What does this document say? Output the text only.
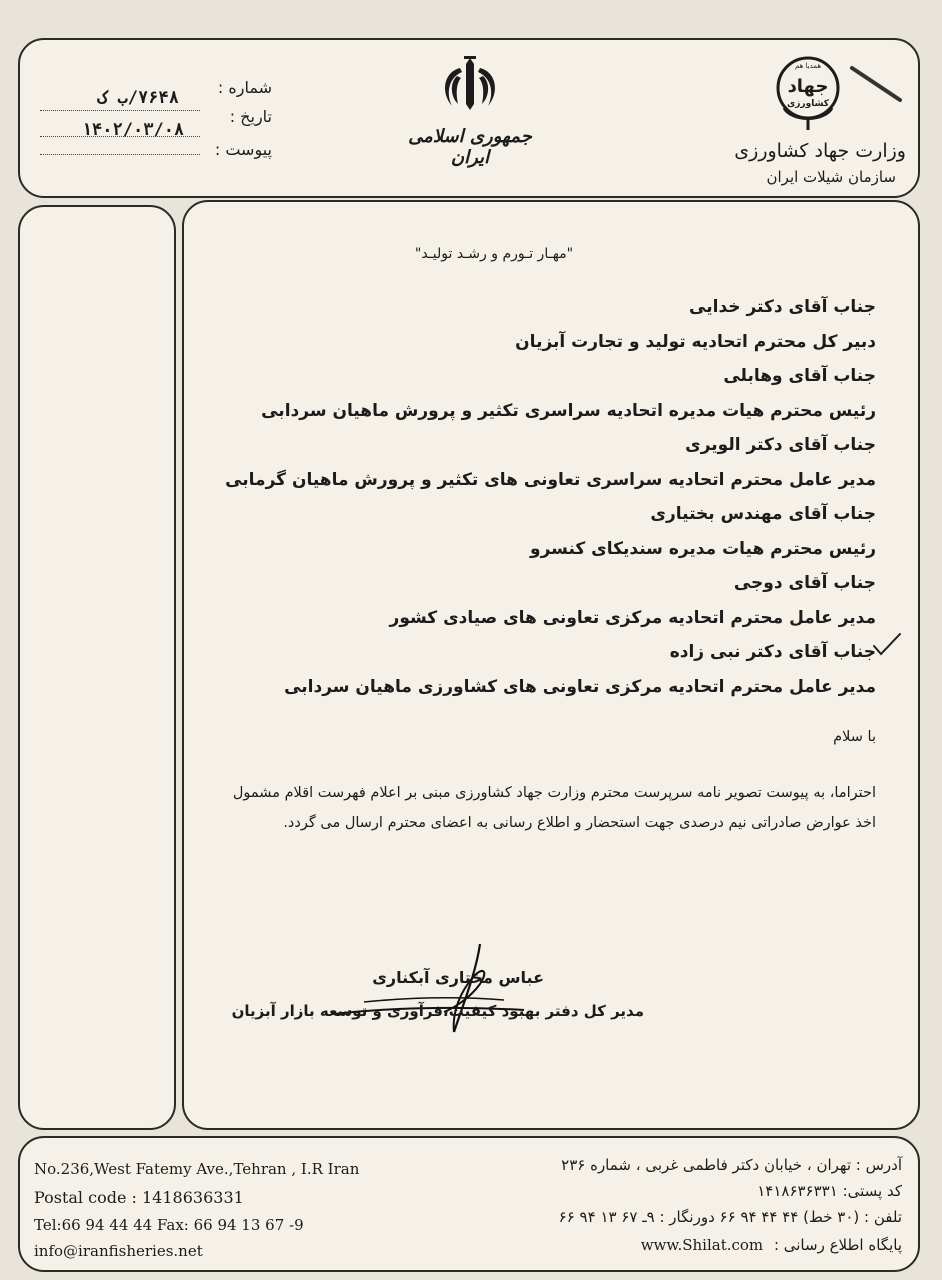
شماره :
۷۶۴۸/ب ک
تاریخ :
۱۴۰۲/۰۳/۰۸
پیوست :
جمهوری اسلامی ایران
همدیا هم
جهاد
کشاورزی
وزارت جهاد کشاورزی
سازمان شیلات ایران
"مهـار تـورم و رشـد تولیـد"
جناب آقای دکتر خدایی
دبیر کل محترم اتحادیه تولید و تجارت آبزیان
جناب آقای وهابلی
رئیس محترم هیات مدیره اتحادیه سراسری تکثیر و پرورش ماهیان سردابی
جناب آقای دکتر الویری
مدیر عامل محترم اتحادیه سراسری تعاونی های تکثیر و پرورش ماهیان گرمابی
جناب آقای مهندس بختیاری
رئیس محترم هیات مدیره سندیکای کنسرو
جناب آقای دوجی
مدیر عامل محترم اتحادیه مرکزی تعاونی های صیادی کشور
جناب آقای دکتر نبی زاده
مدیر عامل محترم اتحادیه مرکزی تعاونی های کشاورزی ماهیان سردابی
با سلام
احتراما، به پیوست تصویر نامه سرپرست محترم وزارت جهاد کشاورزی مبنی بر اعلام فهرست اقلام مشمول
اخذ عوارض صادراتی نیم درصدی جهت استحضار و اطلاع رسانی به اعضای محترم ارسال می گردد.
عباس مختاری آبکناری
مدیر کل دفتر بهبود کیفیت،فرآوری و توسعه بازار آبزیان
No.236,West Fatemy Ave.,Tehran , I.R Iran
Postal code : 1418636331
Tel:66 94 44 44 Fax: 66 94 13 67 -9
info@iranfisheries.net
آدرس : تهران ، خیابان دکتر فاطمی غربی ، شماره ۲۳۶
کد پستی: ۱۴۱۸۶۳۶۳۳۱
تلفن : (۳۰ خط) ۴۴ ۴۴ ۹۴ ۶۶ دورنگار : ۹ـ ۶۷ ۱۳ ۹۴ ۶۶
پایگاه اطلاع رسانی : www.Shilat.com
